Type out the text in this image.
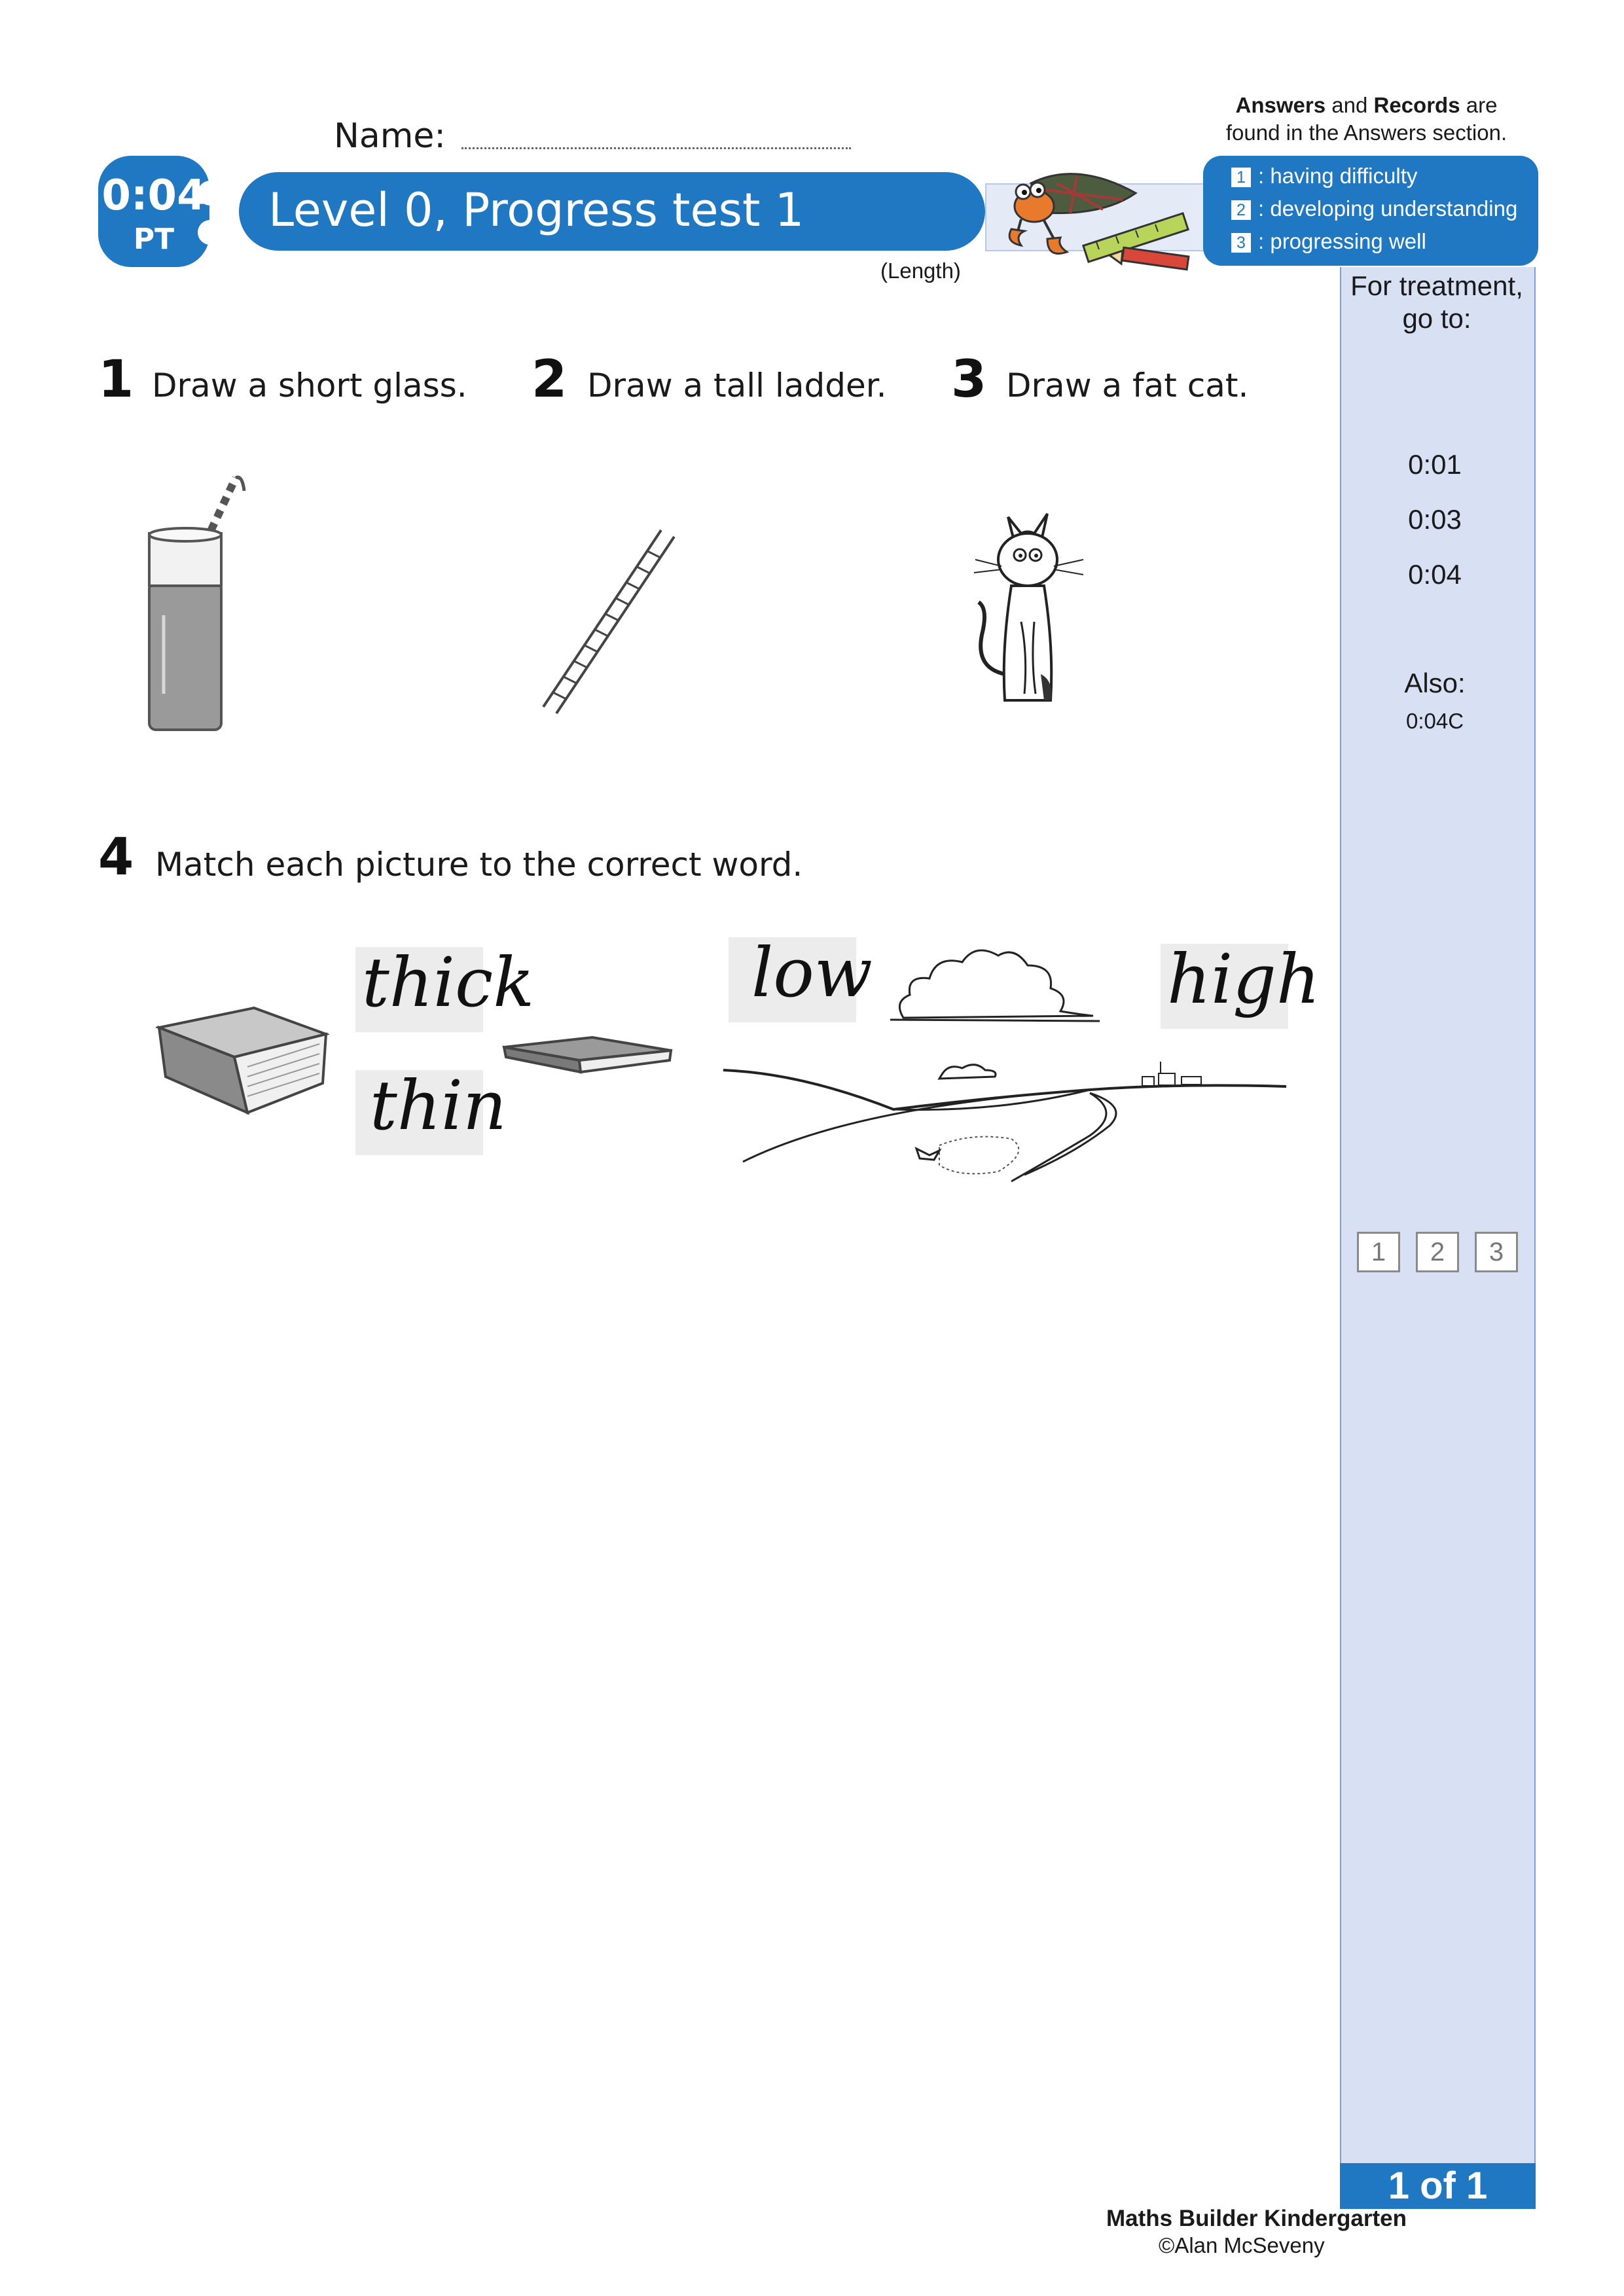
Name:
Answers and Records are
found in the Answers section.
Level 0, Progress test 1
0:04
PT
(Length)
1 : having difficulty
2 : developing understanding
3 : progressing well
For treatment,
go to:
0:01
0:03
0:04
Also:
0:04C
1	2	3
1 of 1
1 Draw a short glass. 2 Draw a tall ladder. 3 Draw a fat cat.
4 Match each picture to the correct word.
thick
thin
low	high
Maths Builder Kindergarten
©Alan McSeveny
